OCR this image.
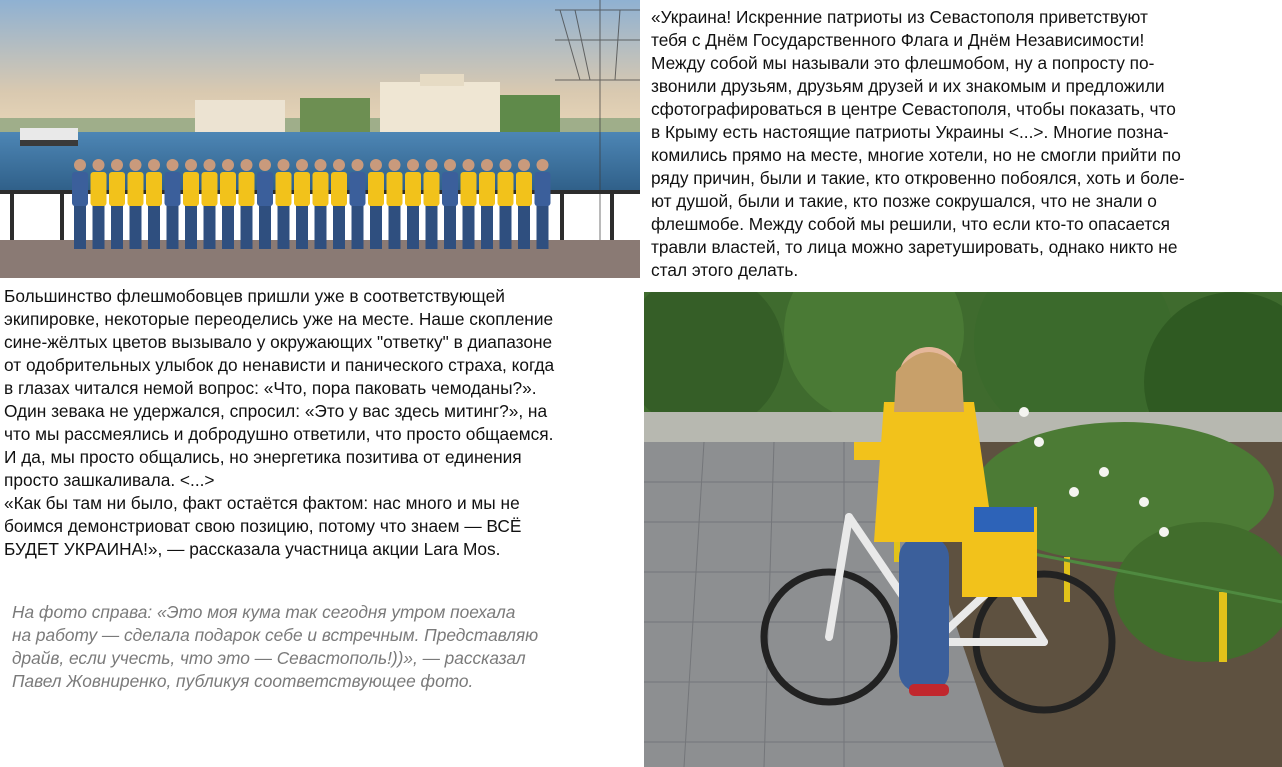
«Украина! Искренние патриоты из Севастополя приветствуют
тебя с Днём Государственного Флага и Днём Независимости!
Между собой мы называли это флешмобом, ну а попросту по-
звонили друзьям, друзьям друзей и их знакомым и предложили
сфотографироваться в центре Севастополя, чтобы показать, что
в Крыму есть настоящие патриоты Украины <...>. Многие позна-
комились прямо на месте, многие хотели, но не смогли прийти по
ряду причин, были и такие, кто откровенно побоялся, хоть и болe-
ют душой, были и такие, кто позже сокрушался, что не знали о
флешмобе. Между собой мы решили, что если кто-то опасается
травли властей, то лица можно заретушировать, однако никто не
стал этого делать.
Большинство флешмобовцев пришли уже в соответствующей
экипировке, некоторые переоделись уже на месте. Наше скопление
сине-жёлтых цветов вызывало у окружающих "ответку" в диапазоне
от одобрительных улыбок до ненависти и панического страха, когда
в глазах читался немой вопрос: «Что, пора паковать чемоданы?».
Один зевака не удержался, спросил: «Это у вас здесь митинг?», на
что мы рассмеялись и добродушно ответили, что просто общаемся.
И да, мы просто общались, но энергетика позитива от единения
просто зашкаливала. <...>
«Как бы там ни было, факт остаётся фактом: нас много и мы не
боимся демонстриоват свою позицию, потому что знаем — ВСЁ
БУДЕТ УКРАИНА!», — рассказала участница акции Lara Mos.
На фото справа: «Это моя кума так сегодня утром поехала
на работу — сделала подарок себе и встречным. Представляю
драйв, если учесть, что это — Севастополь!))», — рассказал
Павел Жовниренко, публикуя соответствующее фото.
